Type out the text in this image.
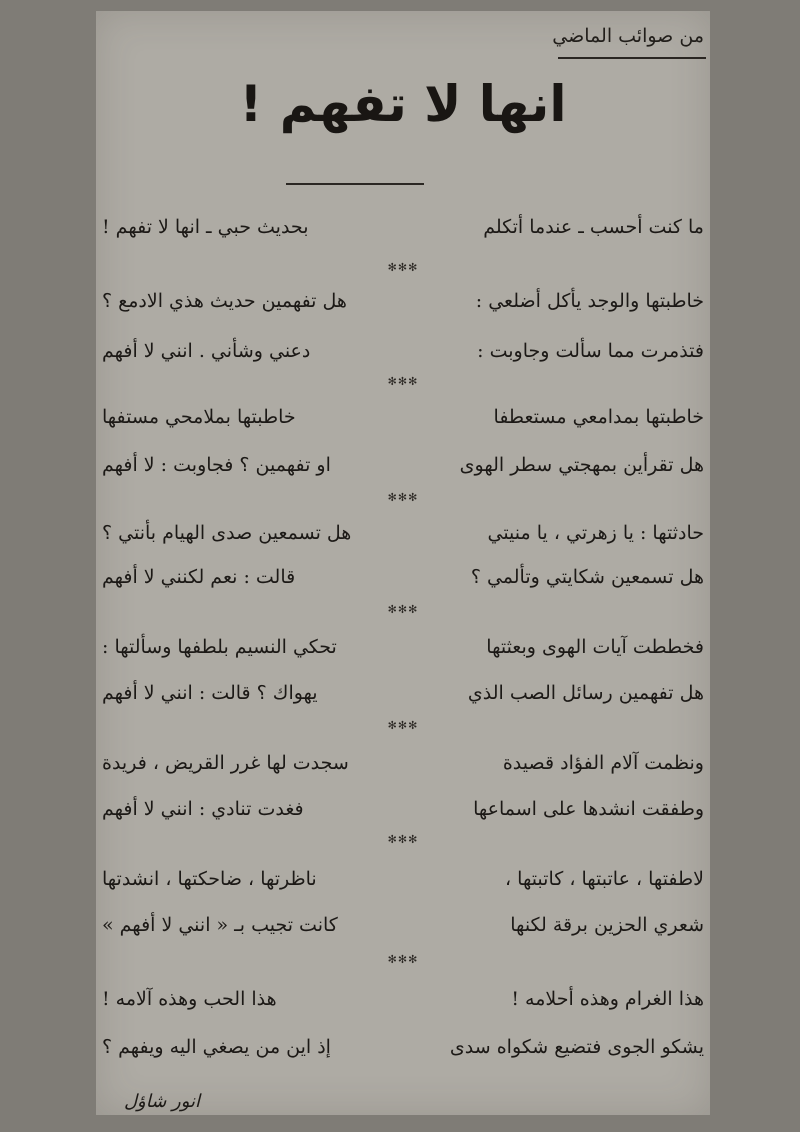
من صوائب الماضي
انها لا تفهم !
ما كنت أحسب ـ عندما أتكلم
بحديث حبي ـ انها لا تفهم !
✻✻✻
خاطبتها والوجد يأكل أضلعي :
هل تفهمين حديث هذي الادمع ؟
فتذمرت مما سألت وجاوبت :
دعني وشأني . انني لا أفهم
✻✻✻
خاطبتها بمدامعي مستعطفا
خاطبتها بملامحي مستفها
هل تقرأين بمهجتي سطر الهوى
او تفهمين ؟ فجاوبت : لا أفهم
✻✻✻
حادثتها : يا زهرتي ، يا منيتي
هل تسمعين صدى الهيام بأنتي ؟
هل تسمعين شكايتي وتألمي ؟
قالت : نعم لكنني لا أفهم
✻✻✻
فخططت آيات الهوى وبعثتها
تحكي النسيم بلطفها وسألتها :
هل تفهمين رسائل الصب الذي
يهواك ؟ قالت : انني لا أفهم
✻✻✻
ونظمت آلام الفؤاد قصيدة
سجدت لها غرر القريض ، فريدة
وطفقت انشدها على اسماعها
فغدت تنادي : انني لا أفهم
✻✻✻
لاطفتها ، عاتبتها ، كاتبتها ،
ناظرتها ، ضاحكتها ، انشدتها
شعري الحزين برقة لكنها
كانت تجيب بـ « انني لا أفهم »
✻✻✻
هذا الغرام وهذه أحلامه !
هذا الحب وهذه آلامه !
يشكو الجوى فتضيع شكواه سدى
إذ اين من يصغي اليه ويفهم ؟
انور شاؤل
